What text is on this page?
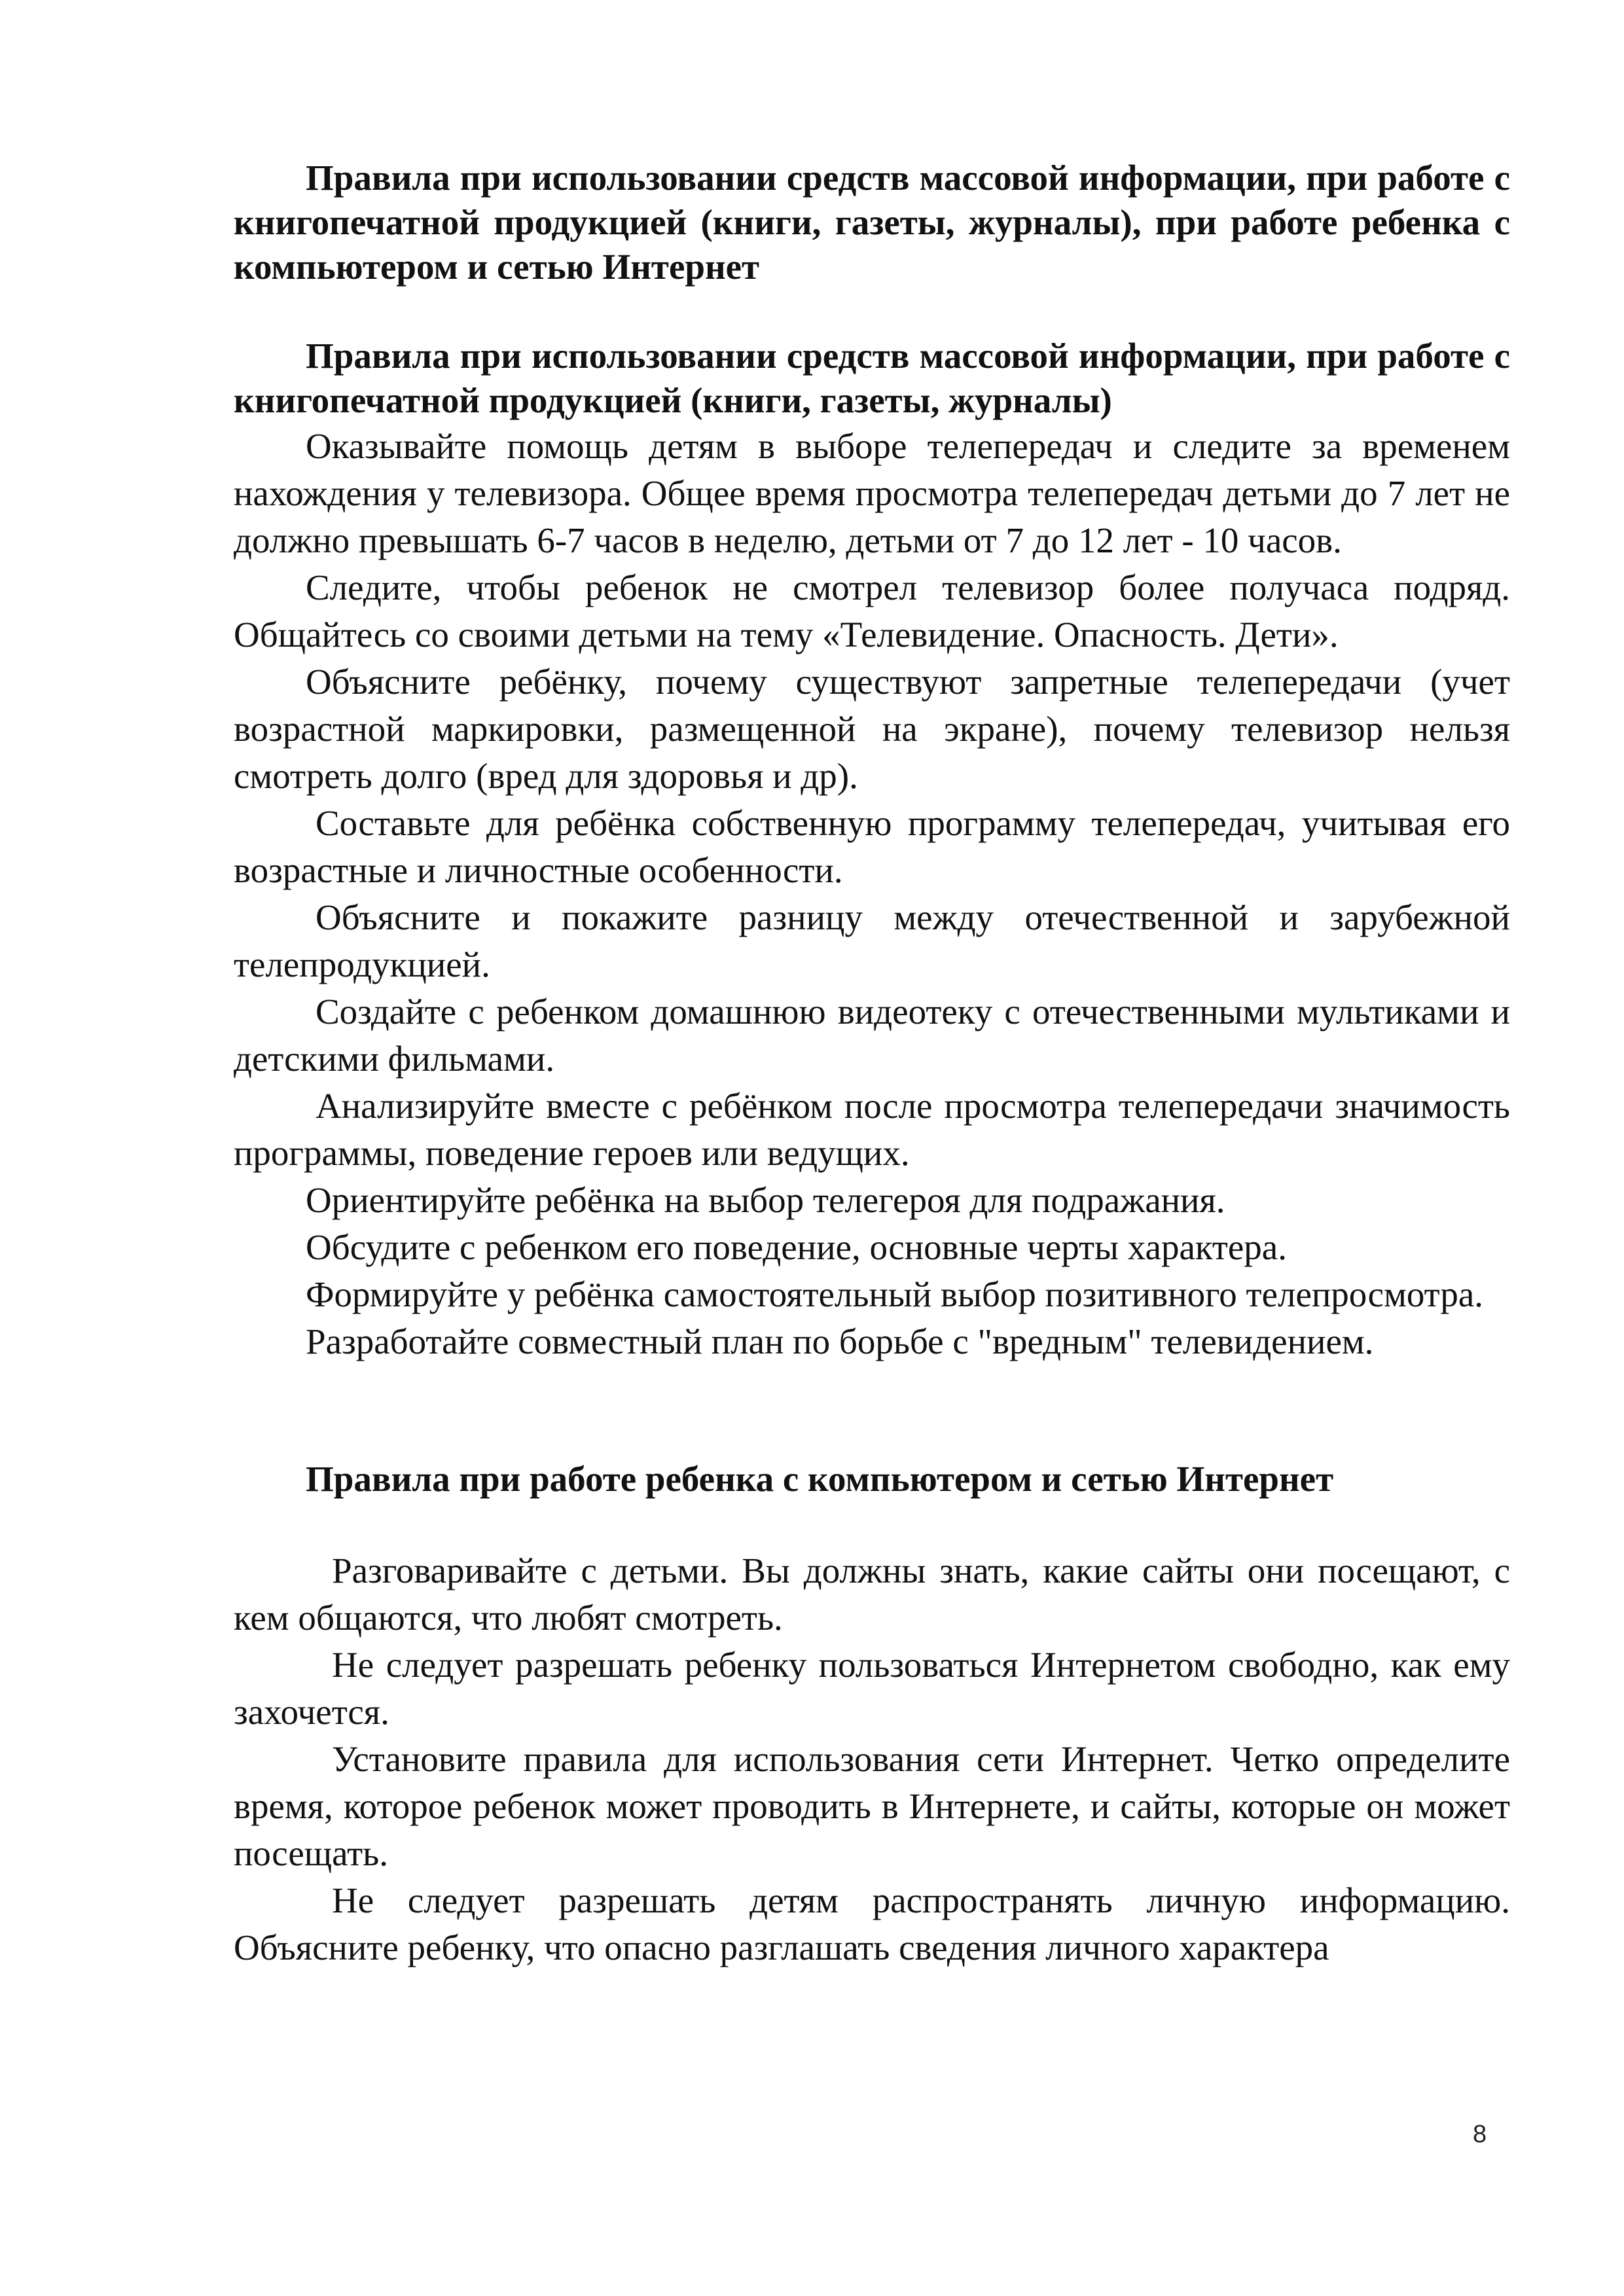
Правила при использовании средств массовой информации, при работе с книгопечатной продукцией (книги, газеты, журналы), при работе ребенка с компьютером и сетью Интернет

Правила при использовании средств массовой информации, при работе с книгопечатной продукцией (книги, газеты, журналы)

Оказывайте помощь детям в выборе телепередач и следите за временем нахождения у телевизора. Общее время просмотра телепередач детьми до 7 лет не должно превышать 6-7 часов в неделю, детьми от 7 до 12 лет - 10 часов.

Следите, чтобы ребенок не смотрел телевизор более получаса подряд. Общайтесь со своими детьми на тему «Телевидение. Опасность. Дети».

Объясните ребёнку, почему существуют запретные телепередачи (учет возрастной маркировки, размещенной на экране), почему телевизор нельзя смотреть долго (вред для здоровья и др).

Составьте для ребёнка собственную программу телепередач, учитывая его возрастные и личностные особенности.

Объясните и покажите разницу между отечественной и зарубежной телепродукцией.

Создайте с ребенком домашнюю видеотеку с отечественными мультиками и детскими фильмами.

Анализируйте вместе с ребёнком после просмотра телепередачи значимость программы, поведение героев или ведущих.

Ориентируйте ребёнка на выбор телегероя для подражания.

Обсудите с ребенком его поведение, основные черты характера.

Формируйте у ребёнка самостоятельный выбор позитивного телепросмотра.

Разработайте совместный план по борьбе с "вредным" телевидением.

Правила при работе ребенка с компьютером и сетью Интернет

Разговаривайте с детьми. Вы должны знать, какие сайты они посещают, с кем общаются, что любят смотреть.

Не следует разрешать ребенку пользоваться Интернетом свободно, как ему захочется.

Установите правила для использования сети Интернет. Четко определите время, которое ребенок может проводить в Интернете, и сайты, которые он может посещать.

Не следует разрешать детям распространять личную информацию. Объясните ребенку, что опасно разглашать сведения личного характера

8
